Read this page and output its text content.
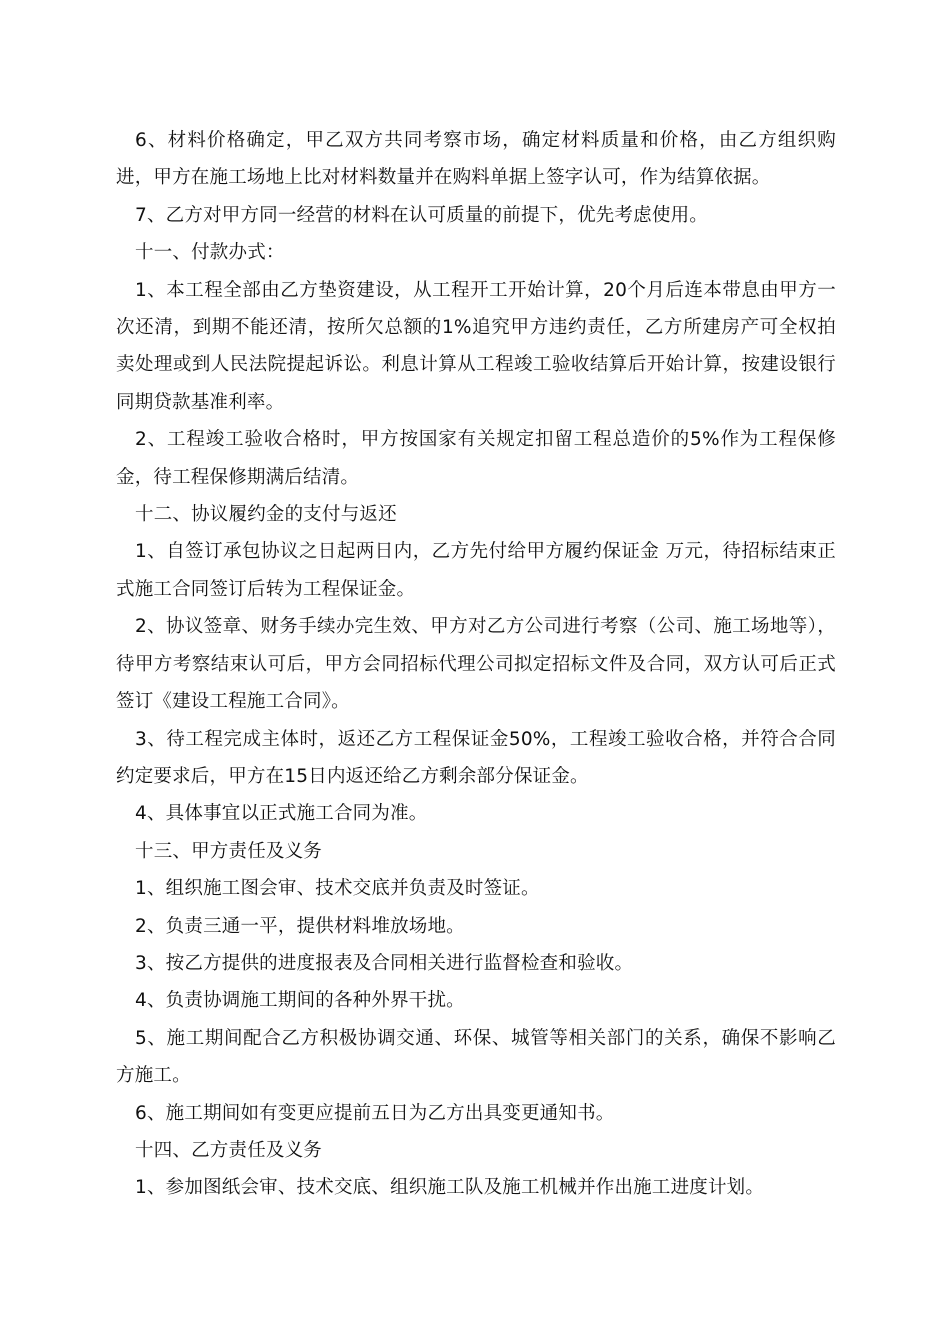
6、材料价格确定，甲乙双方共同考察市场，确定材料质量和价格，由乙方组织购进，甲方在施工场地上比对材料数量并在购料单据上签字认可，作为结算依据。

7、乙方对甲方同一经营的材料在认可质量的前提下，优先考虑使用。

十一、付款办式：

1、本工程全部由乙方垫资建设，从工程开工开始计算，20个月后连本带息由甲方一次还清，到期不能还清，按所欠总额的1%追究甲方违约责任，乙方所建房产可全权拍卖处理或到人民法院提起诉讼。利息计算从工程竣工验收结算后开始计算，按建设银行同期贷款基准利率。

2、工程竣工验收合格时，甲方按国家有关规定扣留工程总造价的5%作为工程保修金，待工程保修期满后结清。

十二、协议履约金的支付与返还

1、自签订承包协议之日起两日内，乙方先付给甲方履约保证金 万元，待招标结束正式施工合同签订后转为工程保证金。

2、协议签章、财务手续办完生效、甲方对乙方公司进行考察（公司、施工场地等），待甲方考察结束认可后，甲方会同招标代理公司拟定招标文件及合同，双方认可后正式签订《建设工程施工合同》。

3、待工程完成主体时，返还乙方工程保证金50%，工程竣工验收合格，并符合合同约定要求后，甲方在15日内返还给乙方剩余部分保证金。

4、具体事宜以正式施工合同为准。

十三、甲方责任及义务

1、组织施工图会审、技术交底并负责及时签证。

2、负责三通一平，提供材料堆放场地。

3、按乙方提供的进度报表及合同相关进行监督检查和验收。

4、负责协调施工期间的各种外界干扰。

5、施工期间配合乙方积极协调交通、环保、城管等相关部门的关系，确保不影响乙方施工。

6、施工期间如有变更应提前五日为乙方出具变更通知书。

十四、乙方责任及义务

1、参加图纸会审、技术交底、组织施工队及施工机械并作出施工进度计划。
